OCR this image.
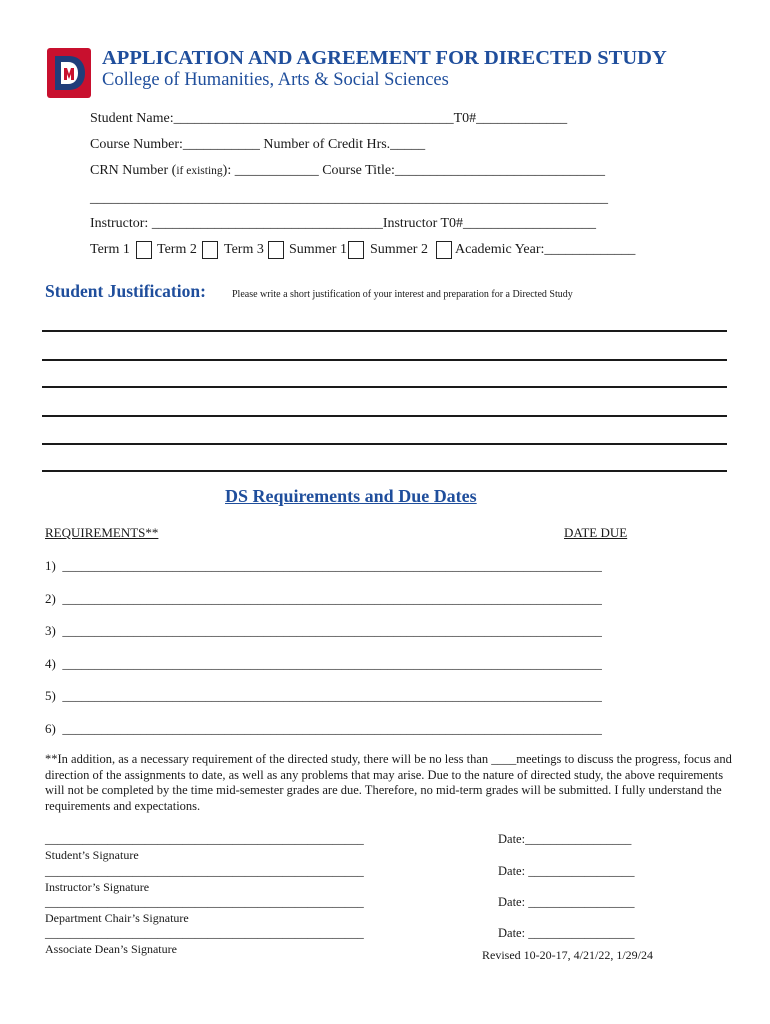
APPLICATION AND AGREEMENT FOR DIRECTED STUDY
College of Humanities, Arts & Social Sciences
Student Name:________________________________________T0#_____________
Course Number:___________ Number of Credit Hrs._____
CRN Number (if existing): ____________ Course Title:______________________________
__________________________________________________________________________
Instructor: _________________________________Instructor T0#___________________
Term 1 Term 2 Term 3 Summer 1 Summer 2 Academic Year:_____________
Student Justification:	Please write a short justification of your interest and preparation for a Directed Study
DS Requirements and Due Dates
REQUIREMENTS**	DATE DUE
1)  ___________________________________________________________________________________
2)  ___________________________________________________________________________________
3)  ___________________________________________________________________________________
4)  ___________________________________________________________________________________
5)  ___________________________________________________________________________________
6)  ___________________________________________________________________________________
**In addition, as a necessary requirement of the directed study, there will be no less than ____meetings to discuss the progress, focus and direction of the assignments to date, as well as any problems that may arise. Due to the nature of directed study, the above requirements will not be completed by the time mid-semester grades are due. Therefore, no mid-term grades will be submitted. I fully understand the requirements and expectations.
___________________________________________________
Student’s Signature
Date:_________________
___________________________________________________
Instructor’s Signature
Date: _________________
___________________________________________________
Department Chair’s Signature
Date: _________________
___________________________________________________
Associate Dean’s Signature
Date: _________________
Revised 10-20-17, 4/21/22, 1/29/24
